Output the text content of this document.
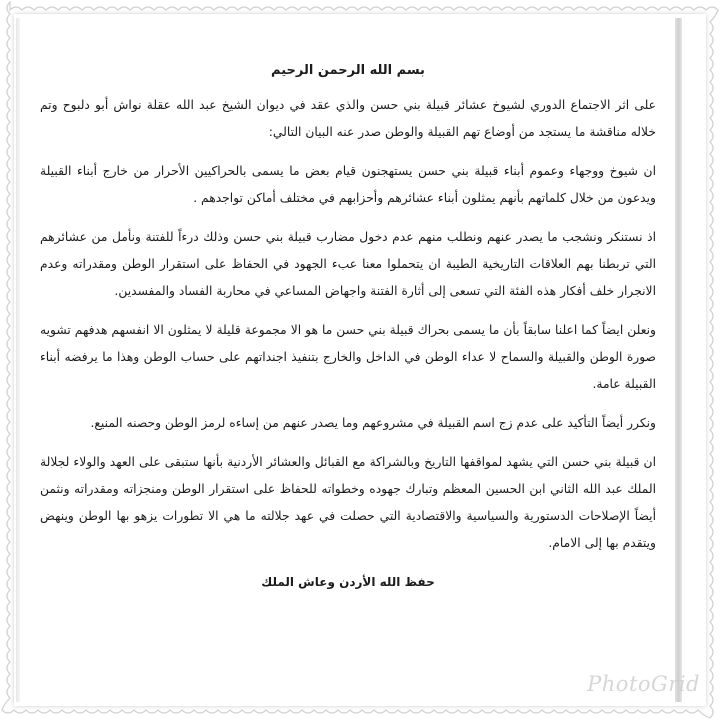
بسم الله الرحمن الرحيم

على اثر الاجتماع الدوري لشيوخ عشائر قبيلة بني حسن والذي عقد في ديوان الشيخ عبد الله عقلة نواش أبو دلبوح وتم خلاله مناقشة ما يستجد من أوضاع تهم القبيلة والوطن صدر عنه البيان التالي:

ان شيوخ ووجهاء وعموم أبناء قبيلة بني حسن يستهجنون قيام بعض ما يسمى بالحراكيين الأحرار من خارج أبناء القبيلة ويدعون من خلال كلماتهم بأنهم يمثلون أبناء عشائرهم وأحزابهم في مختلف أماكن تواجدهم .

اذ نستنكر ونشجب ما يصدر عنهم ونطلب منهم عدم دخول مضارب قبيلة بني حسن وذلك درءاً للفتنة ونأمل من عشائرهم التي تربطنا بهم العلاقات التاريخية الطيبة ان يتحملوا معنا عبء الجهود في الحفاظ على استقرار الوطن ومقدراته وعدم الانجرار خلف أفكار هذه الفئة التي تسعى إلى أثارة الفتنة واجهاض المساعي في محاربة الفساد والمفسدين.

ونعلن ايضاً كما اعلنا سابقاً بأن ما يسمى بحراك قبيلة بني حسن ما هو الا مجموعة قليلة لا يمثلون الا انفسهم هدفهم تشويه صورة الوطن والقبيلة والسماح لا عداء الوطن في الداخل والخارج بتنفيذ اجنداتهم على حساب الوطن وهذا ما يرفضه أبناء القبيلة عامة.

ونكرر أيضاً التأكيد على عدم زج اسم القبيلة في مشروعهم وما يصدر عنهم من إساءه لرمز الوطن وحصنه المنيع.

ان قبيلة بني حسن التي يشهد لمواقفها التاريخ وبالشراكة مع القبائل والعشائر الأردنية بأنها ستبقى على العهد والولاء لجلالة الملك عبد الله الثاني ابن الحسين المعظم وتبارك جهوده وخطواته للحفاظ على استقرار الوطن ومنجزاته ومقدراته ونثمن أيضاً الإصلاحات الدستورية والسياسية والاقتصادية التي حصلت في عهد جلالته ما هي الا تطورات يزهو بها الوطن وينهض ويتقدم بها إلى الامام.

حفظ الله الأردن وعاش الملك
PhotoGrid
